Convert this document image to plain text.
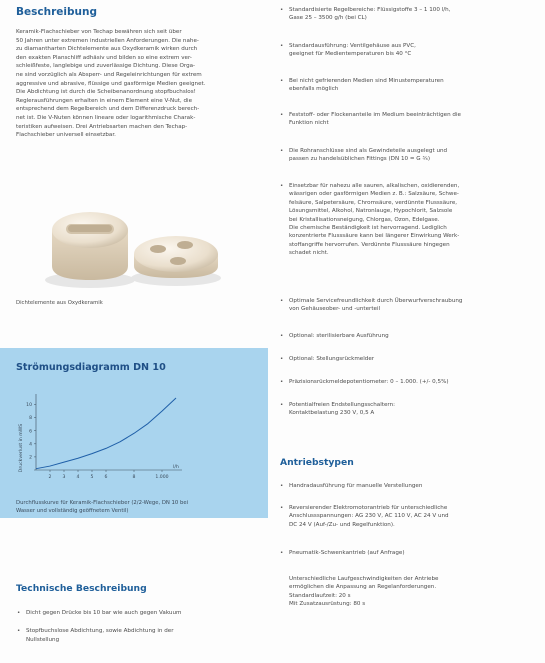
Beschreibung
Keramik-Flachschieber von Techap bewähren sich seit über
50 Jahren unter extremen industriellen Anforderungen. Die nahe-
zu diamantharten Dichtelemente aus Oxydkeramik wirken durch
den exakten Planschliff adhäsiv und bilden so eine extrem ver-
schleißfeste, langlebige und zuverlässige Dichtung. Diese Orga-
ne sind vorzüglich als Absperr- und Regeleinrichtungen für extrem
aggressive und abrasive, flüssige und gasförmige Medien geeignet.
Die Abdichtung ist durch die Scheibenanordnung stopfbuchslos!
Reglerausführungen erhalten in einem Element eine V-Nut, die
entsprechend dem Regelbereich und dem Differenzdruck berech-
net ist. Die V-Nuten können lineare oder logarithmische Charak-
teristiken aufweisen. Drei Antriebsarten machen den Techap-
Flachschieber universell einsetzbar.
Dichtelemente aus Oxydkeramik
Strömungsdiagramm DN 10
Druckverlust in mWS 2
4
6
8
10
2 3 4 5 6	8	1.000
l/h
Durchflusskurve für Keramik-Flachschieber (2/2-Wege, DN 10 bei
Wasser und vollständig geöffnetem Ventil)
Technische Beschreibung
• Dicht gegen Drücke bis 10 bar wie auch gegen Vakuum
• Stopfbuchslose Abdichtung, sowie Abdichtung in der
Nullstellung
• Standardisierte Regelbereiche: Flüssigstoffe 3 – 1 100 l/h,
Gase 25 – 3500 g/h (bei CL)
• Standardausführung: Ventilgehäuse aus PVC,
geeignet für Medientemperaturen bis 40 °C
• Bei nicht gefrierenden Medien sind Minustemperaturen
ebenfalls möglich
• Feststoff- oder Flockenanteile im Medium beeinträchtigen die
Funktion nicht
• Die Rohranschlüsse sind als Gewindeteile ausgelegt und
passen zu handelsüblichen Fittings (DN 10 = G ¾)
• Einsetzbar für nahezu alle sauren, alkalischen, oxidierenden,
wässrigen oder gasförmigen Medien z. B.: Salzsäure, Schwe-
felsäure, Salpetersäure, Chromsäure, verdünnte Flusssäure,
Lösungsmittel, Alkohol, Natronlauge, Hypochlorit, Salzsole
bei Kristallisationsneigung, Chlorgas, Ozon, Edelgase.
Die chemische Beständigkeit ist hervorragend. Lediglich
konzentrierte Flusssäure kann bei längerer Einwirkung Werk-
stoffangriffe hervorrufen. Verdünnte Flusssäure hingegen
schadet nicht.
• Optimale Servicefreundlichkeit durch Überwurfverschraubung
von Gehäuseober- und -unterteil
• Optional: sterilisierbare Ausführung
• Optional: Stellungsrückmelder
• Präzisionsrückmeldepotentiometer: 0 – 1.000. (+/- 0,5%)
• Potentialfreien Endstellungsschaltern:
Kontaktbelastung 230 V, 0,5 A
Antriebstypen
• Handradausführung für manuelle Verstellungen
• Reversierender Elektromotorantrieb für unterschiedliche
Anschlussspannungen: AG 230 V, AC 110 V, AC 24 V und
DC 24 V (Auf-/Zu- und Regelfunktion).
• Pneumatik-Schwenkantrieb (auf Anfrage)
Unterschiedliche Laufgeschwindigkeiten der Antriebe
ermöglichen die Anpassung an Regelanforderungen.
Standardlaufzeit: 20 s
Mit Zusatzausrüstung: 80 s
